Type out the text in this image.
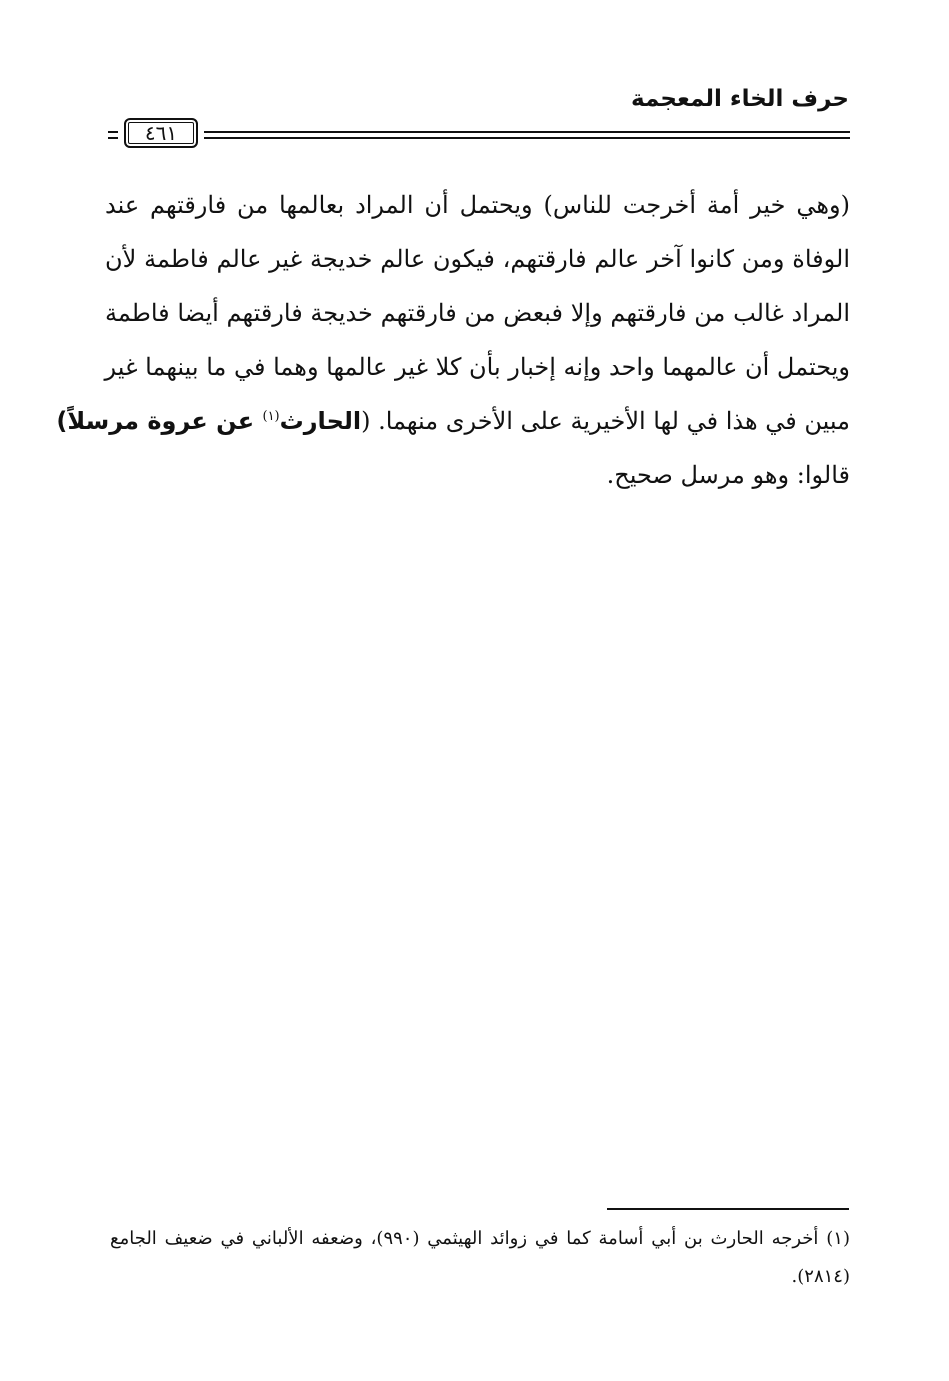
حرف الخاء المعجمة
٤٦١
(وهي خير أمة أخرجت للناس) ويحتمل أن المراد بعالمها من فارقتهم عند
الوفاة ومن كانوا آخر عالم فارقتهم، فيكون عالم خديجة غير عالم فاطمة لأن
المراد غالب من فارقتهم وإلا فبعض من فارقتهم خديجة فارقتهم أيضا فاطمة
ويحتمل أن عالمهما واحد وإنه إخبار بأن كلا غير عالمها وهما في ما بينهما غير
مبين في هذا في لها الأخيرية على الأخرى منهما. (الحارث$^{(١)}$ عن عروة مرسلاً)
قالوا: وهو مرسل صحيح.
(١) أخرجه الحارث بن أبي أسامة كما في زوائد الهيثمي (٩٩٠)، وضعفه الألباني في ضعيف الجامع
(٢٨١٤).
